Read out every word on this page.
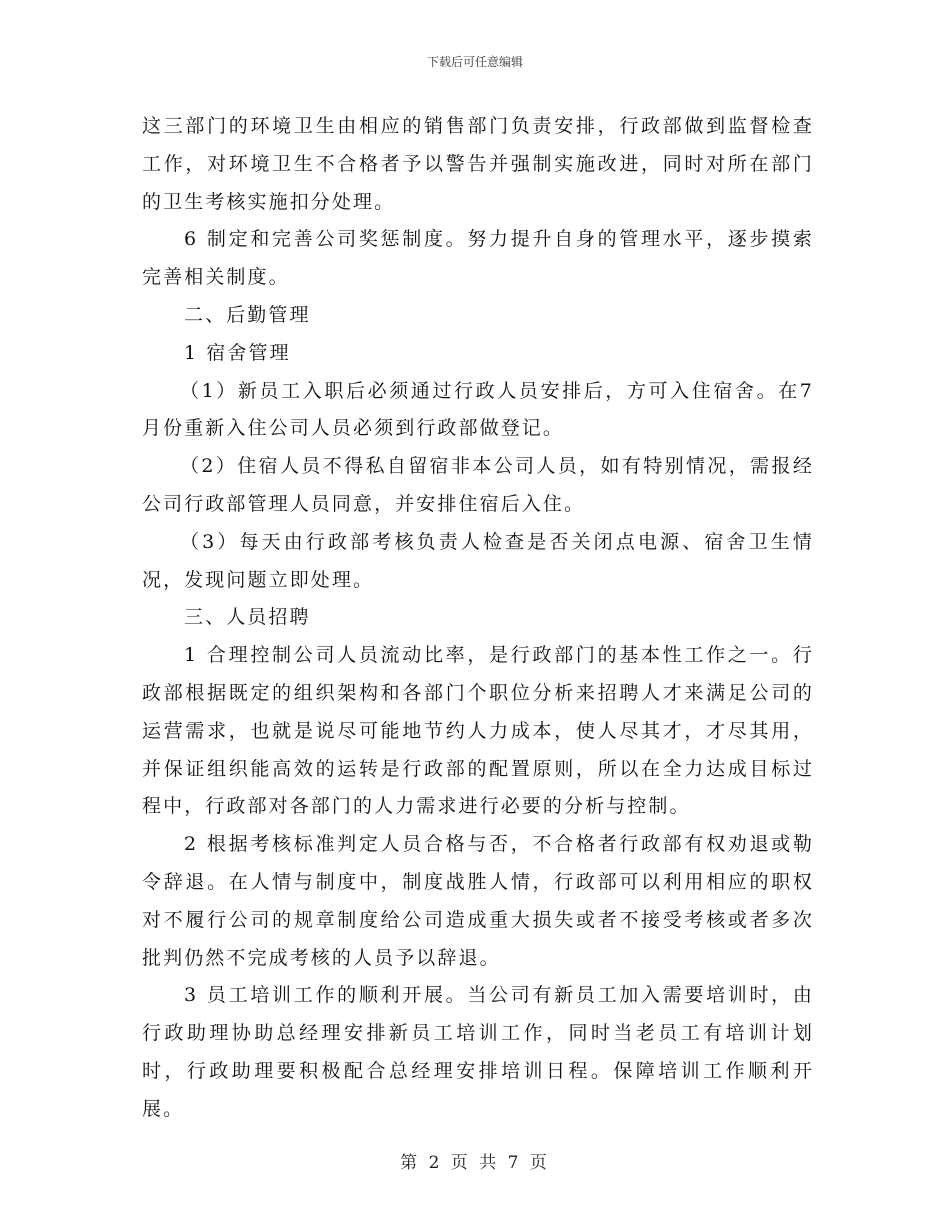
下载后可任意编辑

这三部门的环境卫生由相应的销售部门负责安排，行政部做到监督检查工作，对环境卫生不合格者予以警告并强制实施改进，同时对所在部门的卫生考核实施扣分处理。

6 制定和完善公司奖惩制度。努力提升自身的管理水平，逐步摸索完善相关制度。

二、后勤管理

1 宿舍管理

（1）新员工入职后必须通过行政人员安排后，方可入住宿舍。在7月份重新入住公司人员必须到行政部做登记。

（2）住宿人员不得私自留宿非本公司人员，如有特别情况，需报经公司行政部管理人员同意，并安排住宿后入住。

（3）每天由行政部考核负责人检查是否关闭点电源、宿舍卫生情况，发现问题立即处理。

三、人员招聘

1 合理控制公司人员流动比率，是行政部门的基本性工作之一。行政部根据既定的组织架构和各部门个职位分析来招聘人才来满足公司的运营需求，也就是说尽可能地节约人力成本，使人尽其才，才尽其用，并保证组织能高效的运转是行政部的配置原则，所以在全力达成目标过程中，行政部对各部门的人力需求进行必要的分析与控制。

2 根据考核标准判定人员合格与否，不合格者行政部有权劝退或勒令辞退。在人情与制度中，制度战胜人情，行政部可以利用相应的职权对不履行公司的规章制度给公司造成重大损失或者不接受考核或者多次批判仍然不完成考核的人员予以辞退。

3 员工培训工作的顺利开展。当公司有新员工加入需要培训时，由行政助理协助总经理安排新员工培训工作，同时当老员工有培训计划时，行政助理要积极配合总经理安排培训日程。保障培训工作顺利开展。

第 2 页 共 7 页
